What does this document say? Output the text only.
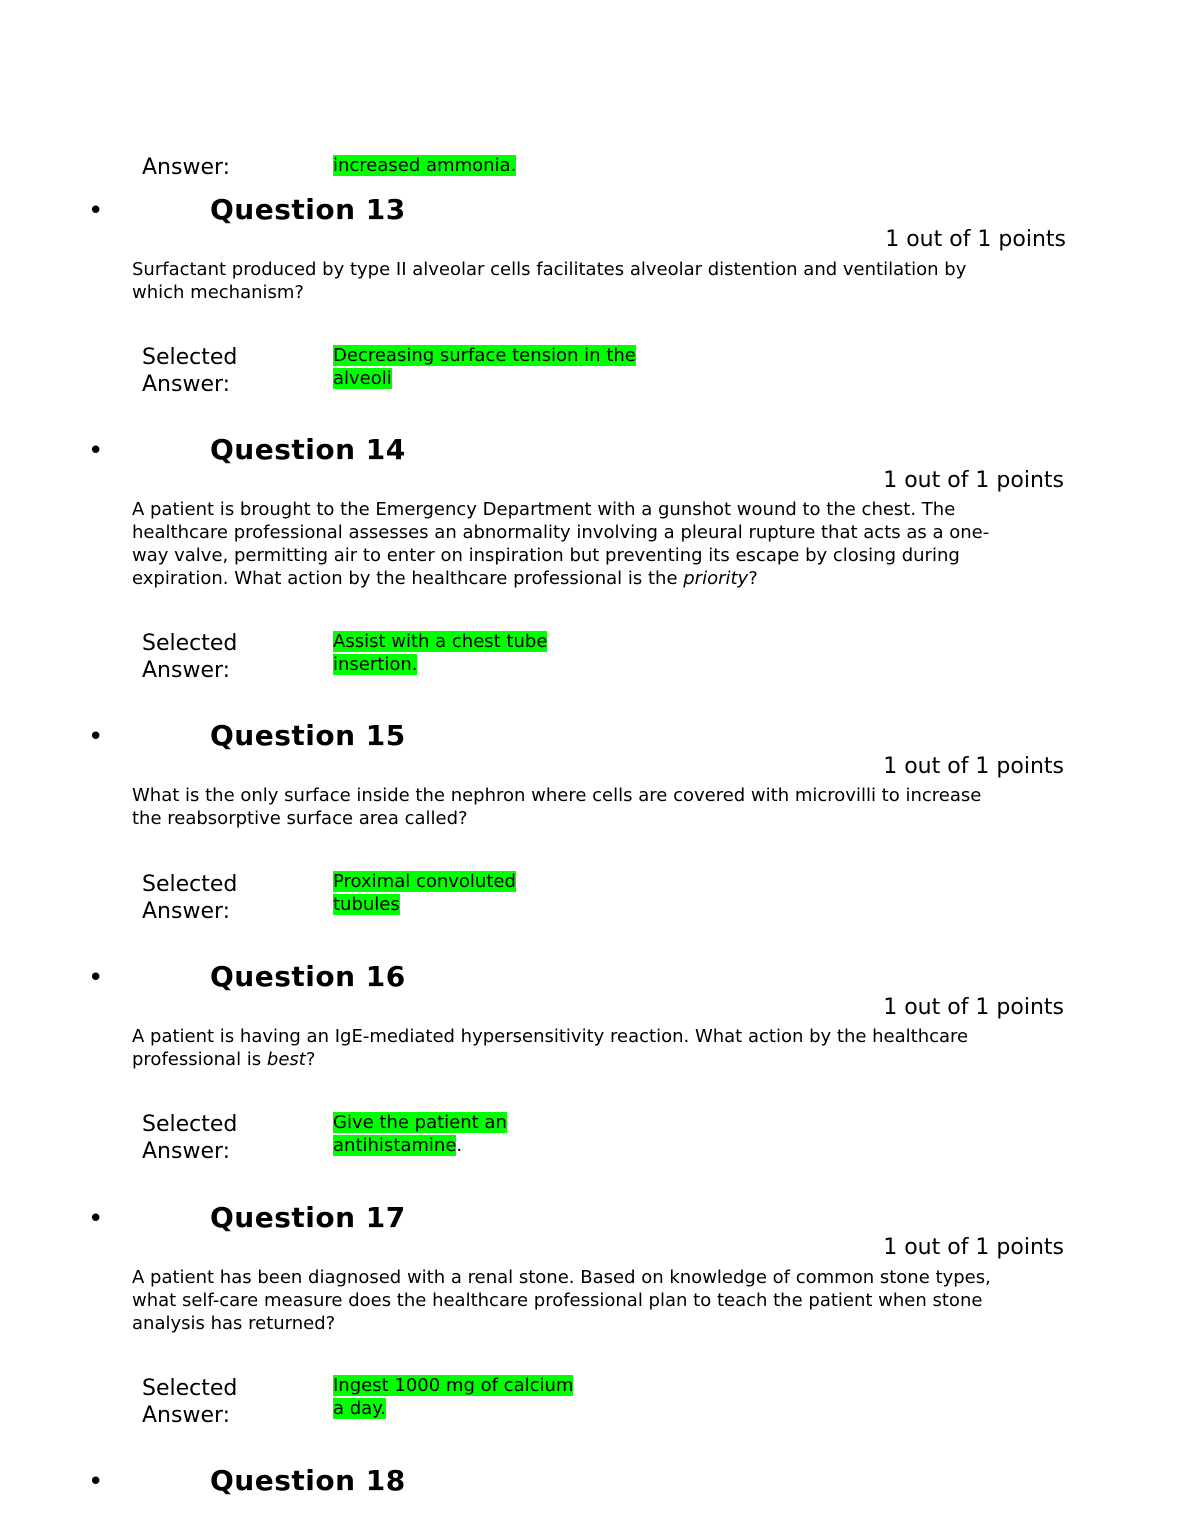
Answer:	increased ammonia.
•	Question 13
1 out of 1 points
Surfactant produced by type II alveolar cells facilitates alveolar distention and ventilation by which mechanism?
Selected
Answer:
Decreasing surface tension in the
alveoli
•	Question 14
1 out of 1 points
A patient is brought to the Emergency Department with a gunshot wound to the chest. The healthcare professional assesses an abnormality involving a pleural rupture that acts as a one-way valve, permitting air to enter on inspiration but preventing its escape by closing during expiration. What action by the healthcare professional is the priority?
Selected
Answer:
Assist with a chest tube
insertion.
•	Question 15
1 out of 1 points
What is the only surface inside the nephron where cells are covered with microvilli to increase the reabsorptive surface area called?
Selected
Answer:
Proximal convoluted
tubules
•	Question 16
1 out of 1 points
A patient is having an IgE-mediated hypersensitivity reaction. What action by the healthcare professional is best?
Selected
Answer:
Give the patient an
antihistamine.
•	Question 17
1 out of 1 points
A patient has been diagnosed with a renal stone. Based on knowledge of common stone types, what self-care measure does the healthcare professional plan to teach the patient when stone analysis has returned?
Selected
Answer:
Ingest 1000 mg of calcium
a day.
•	Question 18
